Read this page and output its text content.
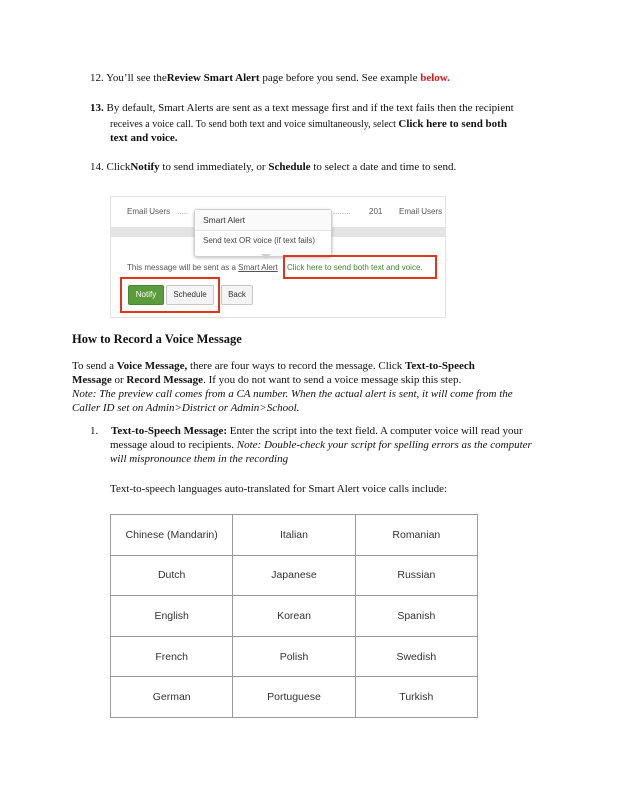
12. You’ll see theReview Smart Alert page before you send. See example below.
13. By default, Smart Alerts are sent as a text message first and if the text fails then the recipient
receives a voice call. To send both text and voice simultaneously, select Click here to send both
text and voice.
14. ClickNotify to send immediately, or Schedule to select a date and time to send.
Email Users .....	........ 201 Email Users
Smart Alert
Send text OR voice (if text fails)
This message will be sent as a Smart Alert Click here to send both text and voice.
Notify	Schedule	Back
How to Record a Voice Message
To send a Voice Message, there are four ways to record the message. Click Text-to-Speech
Message or Record Message. If you do not want to send a voice message skip this step.
Note: The preview call comes from a CA number. When the actual alert is sent, it will come from the
Caller ID set on Admin>District or Admin>School.
1. Text-to-Speech Message: Enter the script into the text field. A computer voice will read your
message aloud to recipients. Note: Double-check your script for spelling errors as the computer
will mispronounce them in the recording
Text-to-speech languages auto-translated for Smart Alert voice calls include:
Chinese (Mandarin)	Italian	Romanian
Dutch	Japanese	Russian
English	Korean	Spanish
French	Polish	Swedish
German	Portuguese	Turkish
